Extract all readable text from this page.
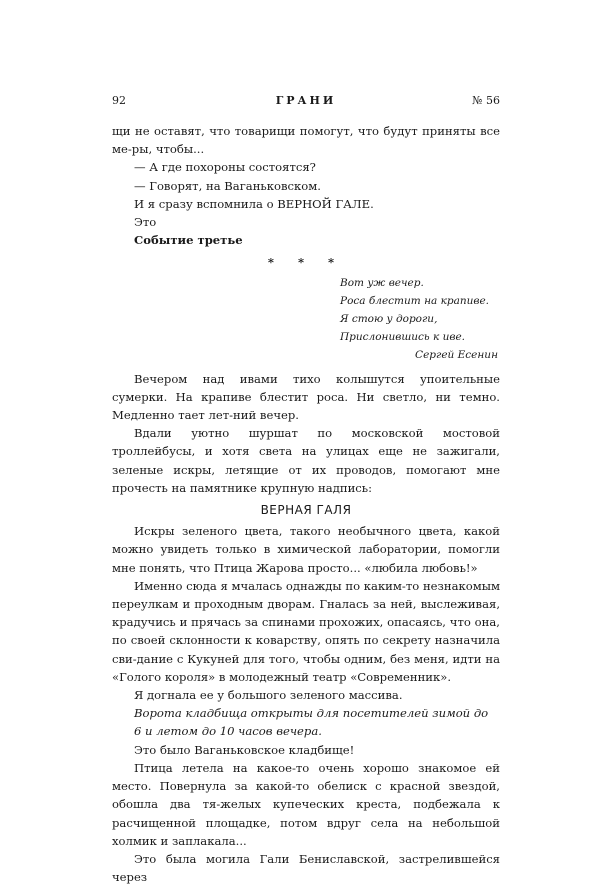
92	ГРАНИ	№ 56

щи не оставят, что товарищи помогут, что будут приняты все ме-ры, чтобы...

— А где похороны состоятся?

— Говорят, на Ваганьковском.

И я сразу вспомнила о ВЕРНОЙ ГАЛЕ.

Это

Событие третье

* * *

Вот уж вечер.
Роса блестит на крапиве.
Я стою у дороги,
Прислонившись к иве.
Сергей Есенин

Вечером над ивами тихо колышутся упоительные сумерки. На крапиве блестит роса. Ни светло, ни темно. Медленно тает лет-ний вечер.

Вдали уютно шуршат по московской мостовой троллейбусы, и хотя света на улицах еще не зажигали, зеленые искры, летящие от их проводов, помогают мне прочесть на памятнике крупную надпись:

ВЕРНАЯ ГАЛЯ

Искры зеленого цвета, такого необычного цвета, какой можно увидеть только в химической лаборатории, помогли мне понять, что Птица Жарова просто... «любила любовь!»

Именно сюда я мчалась однажды по каким-то незнакомым переулкам и проходным дворам. Гналась за ней, выслеживая, крадучись и прячась за спинами прохожих, опасаясь, что она, по своей склонности к коварству, опять по секрету назначила сви-дание с Кукуней для того, чтобы одним, без меня, идти на «Голого короля» в молодежный театр «Современник».

Я догнала ее у большого зеленого массива.

Ворота кладбища открыты для посетителей зимой до

6 и летом до 10 часов вечера.

Это было Ваганьковское кладбище!

Птица летела на какое-то очень хорошо знакомое ей место. Повернула за какой-то обелиск с красной звездой, обошла два тя-желых купеческих креста, подбежала к расчищенной площадке, потом вдруг села на небольшой холмик и заплакала...

Это была могила Гали Бениславской, застрелившейся через
